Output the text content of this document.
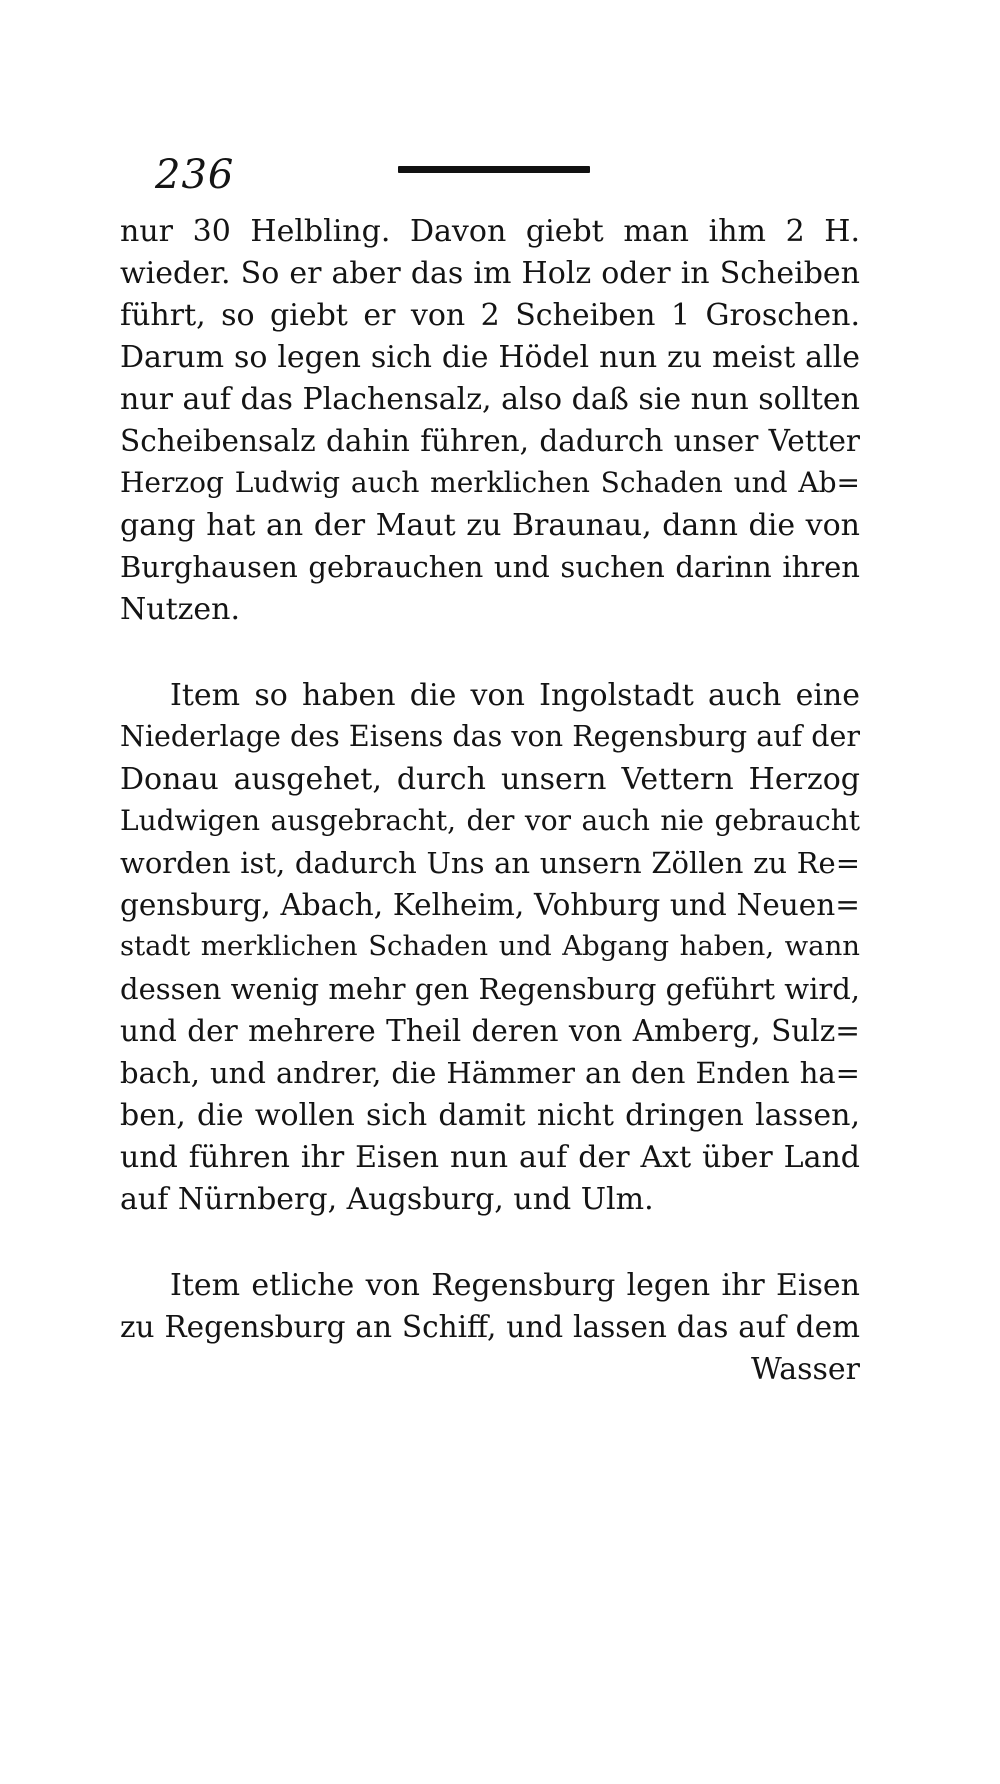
236
nur 30 Helbling. Davon giebt man ihm 2 H.
wieder. So er aber das im Holz oder in Scheiben
führt, so giebt er von 2 Scheiben 1 Groschen.
Darum so legen sich die Hödel nun zu meist alle
nur auf das Plachensalz, also daß sie nun sollten
Scheibensalz dahin führen, dadurch unser Vetter
Herzog Ludwig auch merklichen Schaden und Ab=
gang hat an der Maut zu Braunau, dann die von
Burghausen gebrauchen und suchen darinn ihren
Nutzen.
Item so haben die von Ingolstadt auch eine
Niederlage des Eisens das von Regensburg auf der
Donau ausgehet, durch unsern Vettern Herzog
Ludwigen ausgebracht, der vor auch nie gebraucht
worden ist, dadurch Uns an unsern Zöllen zu Re=
gensburg, Abach, Kelheim, Vohburg und Neuen=
stadt merklichen Schaden und Abgang haben, wann
dessen wenig mehr gen Regensburg geführt wird,
und der mehrere Theil deren von Amberg, Sulz=
bach, und andrer, die Hämmer an den Enden ha=
ben, die wollen sich damit nicht dringen lassen,
und führen ihr Eisen nun auf der Axt über Land
auf Nürnberg, Augsburg, und Ulm.
Item etliche von Regensburg legen ihr Eisen
zu Regensburg an Schiff, und lassen das auf dem
Wasser
